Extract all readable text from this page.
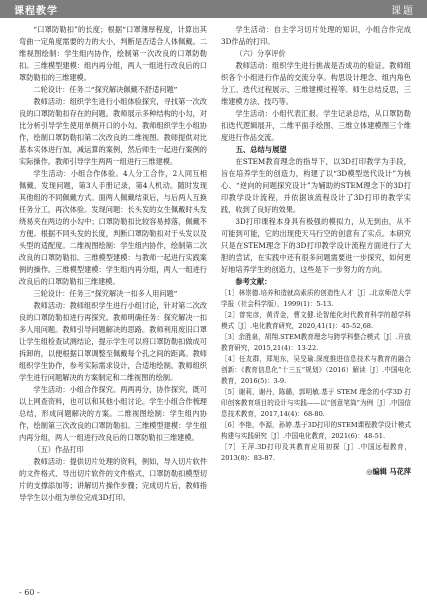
课程教学	课题

“口罩防勒扣”的长度；根据“口罩薄厚程度，计算出其弯曲一定角度需要的力的大小，判断是否适合人体佩戴。二维视图绘制：学生组内协作，绘制第一次改良的口罩防勒扣。三维模型建模：组内再分组，两人一组进行改良后的口罩防勒扣的三维建模。

二轮设计：任务二“探究解决佩戴不舒适问题”

教师活动：组织学生进行小组体验探究，寻找第一次改良的口罩防勒扣存在的问题。教师展示多种结构的小勾，对比分析引导学生使用单侧开口的小勾。教师组织学生小组协作，绘制口罩防勒扣第二次改良的二维视图。教师提供对比基本实体进行加，减运算的案例，然后师生一起进行案例的实际操作。教师引导学生两两一组进行三维建模。

学生活动：小组合作体验。4人分工合作，2人同互相佩戴、发现问题，第3人手册记录，第4人机动。随时发现其他组的不同佩戴方式。面两人佩戴结束后，与后两人互换任务分工，再次体验。发现问题：长头发的女生佩戴时头发绕易夹在两边的小勾中；口罩防勒扣比较容易掉落，佩戴不方便。根据不同头发的长度，判断口罩防勒扣对于头发以及头型的适配度。二维视图绘制：学生组内协作，绘制第二次改良的口罩防勒扣。三维模型建模：与教师一起进行实践案例的操作。三维模型建模：学生组内再分组，两人一组进行改良后的口罩防勒扣三维建模。

三轮设计：任务三“探究解决一扣多人用问题”

教师活动：教师组织学生进行小组讨论，针对第二次改良的口罩防勒扣进行再探究。教师明确任务：探究解决一扣多人用问题。教师引导问题解决的思路。教师利用废旧口罩让学生组检查试测结论，提示学生可以将口罩防勒扣做成可拆卸的，以便根据口罩调整至佩戴每个孔之间的距离。教师组织学生协作，参考实际需求设计，合适地绘制。教师组织学生进行问题解决的方案制定和二维视图的绘制。

学生活动：小组合作探究。两两再分，协作探究，既可以上网查资料，也可以和其他小组讨论。学生小组合作梳理总结，形成问题解决的方案。二维视图绘制：学生组内协作，绘制第三次改良的口罩防勒扣。三维模型建模：学生组内再分组，两人一组进行改良后的口罩防勒扣三维建模。

（五）作品打印

教师活动：提供切片处理的资料，例如，导入切片软件的文件格式、导出切片软件的文件格式、口罩防勒扣模型切片的支撑添加等；讲解切片操作步骤；完成切片后，教师指导学生以小组为单位完成3D打印。

学生活动：自主学习切片处理的知识，小组合作完成3D作品的打印。

（六）分享评价

教师活动：组织学生进行挑战是否成功的验证。教师组织各个小组进行作品的交流分享。构思设计理念、组内角色分工、迭代过程展示、三维建模过程等。师生总结反思，三维建模方法、技巧等。

学生活动：小组代表汇报。学生记录总结，从口罩防勒扣迭代逻辑展开，二维平面手绘图、三维立体建模图三个维度进行作品交流。

五、总结与展望

在STEM教育理念的指导下，以3D打印教学为手段，旨在培养学生的创造力，构建了以“3D模型迭代设计”为核心、“逆向的问题探究设计”为辅助的STEM理念下的3D打印教学设计流程，并依据该流程设计了3D打印的教学实践，收到了良好的效果。

3D打印课程本身具有极强的模拟力，从无到由，从不可能到可能，它的出现使天马行空的创意有了实点。本研究只是在STEM理念下的3D打印教学设计流程方面进行了大胆的尝试，在实践中还有很多问题需要进一步探究，如何更好地培养学生的创造力，这些是下一步努力的方向。

参考文献：

［1］林崇德.培养和造就高素质的创造性人才［J］.北京师范大学学报（社会科学版），1999(1)：5-13.

［2］曾宪彦，黄青金，曹文健.论智能化时代教育科学的超学科模式［J］.电化教育研究，2020,41(1)：45-52,68.

［3］余胜泉，胡翔.STEM教育理念与跨学科整合模式［J］.开放教育研究，2015,21(4)：13-22.

［4］任友群，郑旭东，吴旻瑜.深度推进信息技术与教育的融合创新：《教育信息化“十三五”规划》（2016）解读［J］.中国电化教育，2016(5)：3-9.

［5］谢莉，谢丹，陈璐，郭明敏.基于 STEM 理念的小学3D 打印创客教育项目的设计与实践——以“创意笔筒”为例［J］.中国信息技术教育，2017,14(4)：68-80.

［6］李艳，李源，孙婷.基于3D打印的STEM课程教学设计模式构建与实践研究［J］.中国电化教育，2021(6)：48-51.

［7］王萍.3D打印及其教育应用初探［J］.中国远程教育，2013(8)：83-87.

◎编辑 马花萍

- 60 -
